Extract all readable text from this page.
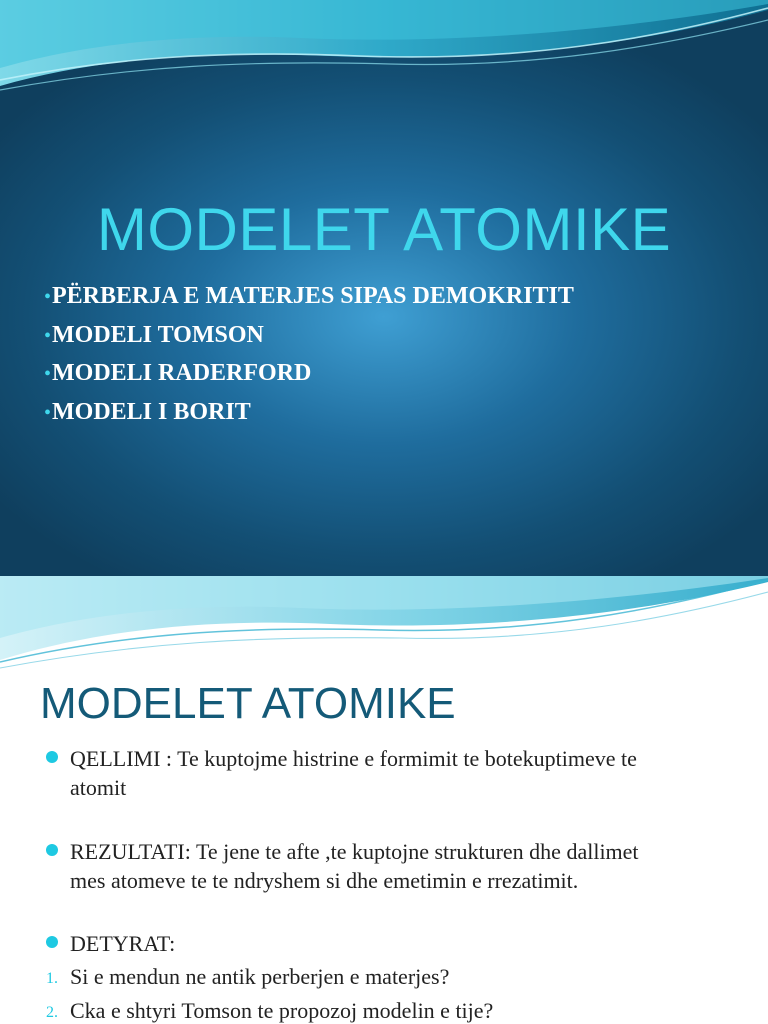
MODELET ATOMIKE
•PËRBERJA E MATERJES SIPAS DEMOKRITIT
•MODELI TOMSON
•MODELI RADERFORD
•MODELI I BORIT
MODELET ATOMIKE
QELLIMI : Te kuptojme histrine e formimit te botekuptimeve te
atomit
REZULTATI: Te jene te afte ,te kuptojne strukturen dhe dallimet
mes atomeve te te ndryshem si dhe emetimin e rrezatimit.
DETYRAT:
1. Si e mendun ne antik perberjen e materjes?
2. Cka e shtyri Tomson te propozoj modelin e tije?
